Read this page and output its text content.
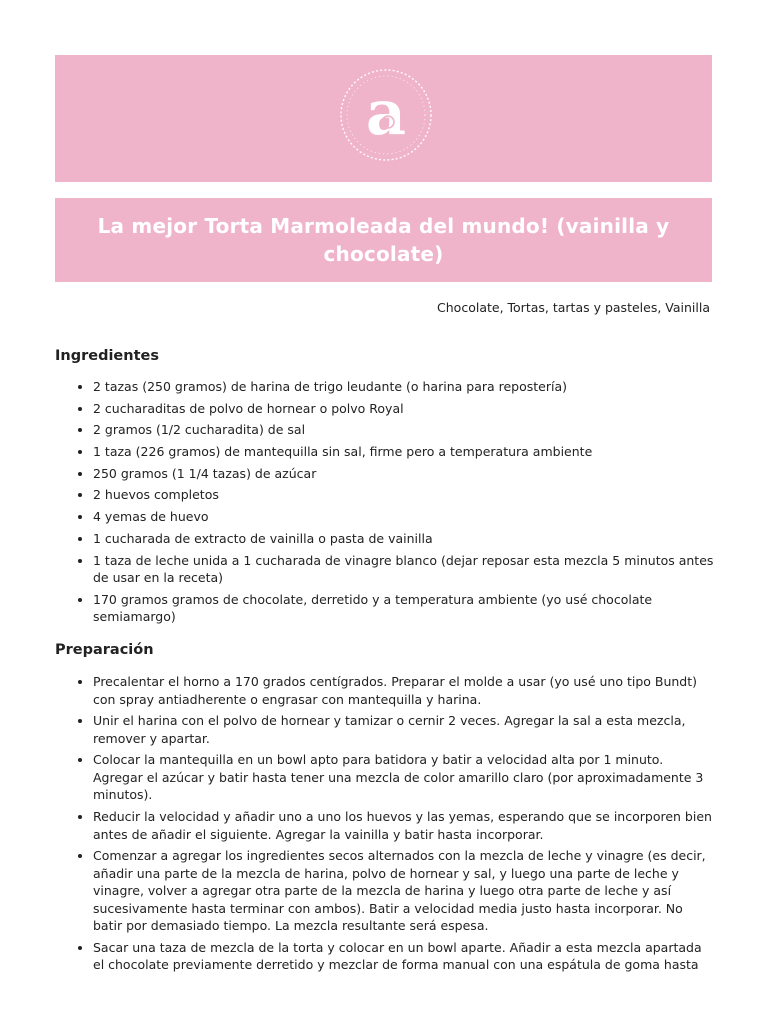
a
La mejor Torta Marmoleada del mundo! (vainilla y chocolate)
Chocolate, Tortas, tartas y pasteles, Vainilla
Ingredientes
• 2 tazas (250 gramos) de harina de trigo leudante (o harina para repostería)
• 2 cucharaditas de polvo de hornear o polvo Royal
• 2 gramos (1/2 cucharadita) de sal
• 1 taza (226 gramos) de mantequilla sin sal, firme pero a temperatura ambiente
• 250 gramos (1 1/4 tazas) de azúcar
• 2 huevos completos
• 4 yemas de huevo
• 1 cucharada de extracto de vainilla o pasta de vainilla
• 1 taza de leche unida a 1 cucharada de vinagre blanco (dejar reposar esta mezcla 5 minutos antes de usar en la receta)
• 170 gramos gramos de chocolate, derretido y a temperatura ambiente (yo usé chocolate semiamargo)
Preparación
• Precalentar el horno a 170 grados centígrados. Preparar el molde a usar (yo usé uno tipo Bundt) con spray antiadherente o engrasar con mantequilla y harina.
• Unir el harina con el polvo de hornear y tamizar o cernir 2 veces. Agregar la sal a esta mezcla, remover y apartar.
• Colocar la mantequilla en un bowl apto para batidora y batir a velocidad alta por 1 minuto. Agregar el azúcar y batir hasta tener una mezcla de color amarillo claro (por aproximadamente 3 minutos).
• Reducir la velocidad y añadir uno a uno los huevos y las yemas, esperando que se incorporen bien antes de añadir el siguiente. Agregar la vainilla y batir hasta incorporar.
• Comenzar a agregar los ingredientes secos alternados con la mezcla de leche y vinagre (es decir, añadir una parte de la mezcla de harina, polvo de hornear y sal, y luego una parte de leche y vinagre, volver a agregar otra parte de la mezcla de harina y luego otra parte de leche y así sucesivamente hasta terminar con ambos). Batir a velocidad media justo hasta incorporar. No batir por demasiado tiempo. La mezcla resultante será espesa.
• Sacar una taza de mezcla de la torta y colocar en un bowl aparte. Añadir a esta mezcla apartada el chocolate previamente derretido y mezclar de forma manual con una espátula de goma hasta
